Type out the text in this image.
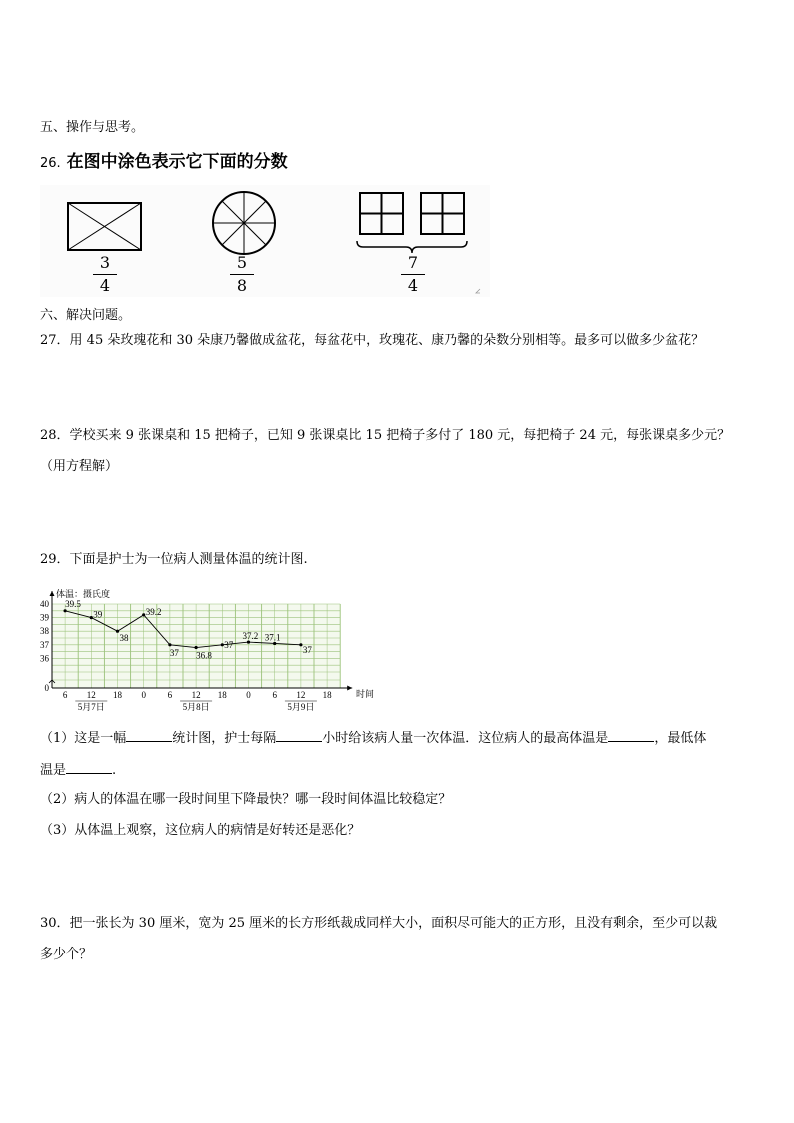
五、操作与思考。
26. 在图中涂色表示它下面的分数
3
4
5
8
7
4
六、解决问题。
27．用 45 朵玫瑰花和 30 朵康乃馨做成盆花，每盆花中，玫瑰花、康乃馨的朵数分别相等。最多可以做多少盆花？
28．学校买来 9 张课桌和 15 把椅子，已知 9 张课桌比 15 把椅子多付了 180 元，每把椅子 24 元，每张课桌多少元？
（用方程解）
29．下面是护士为一位病人测量体温的统计图.
40
39
38
37
36
0
6 12 18 0 6 12 18 0 6 12 18
5月7日	5月8日	5月9日
39.5
39
38
39.2
37 36.8
37
37.2 37.1
37
体温：摄氏度
时间
（1）这是一幅	统计图，护士每隔	小时给该病人量一次体温．这位病人的最高体温是	，最低体
温是	.
（2）病人的体温在哪一段时间里下降最快？哪一段时间体温比较稳定？
（3）从体温上观察，这位病人的病情是好转还是恶化？
30．把一张长为 30 厘米，宽为 25 厘米的长方形纸裁成同样大小，面积尽可能大的正方形，且没有剩余，至少可以裁
多少个？
